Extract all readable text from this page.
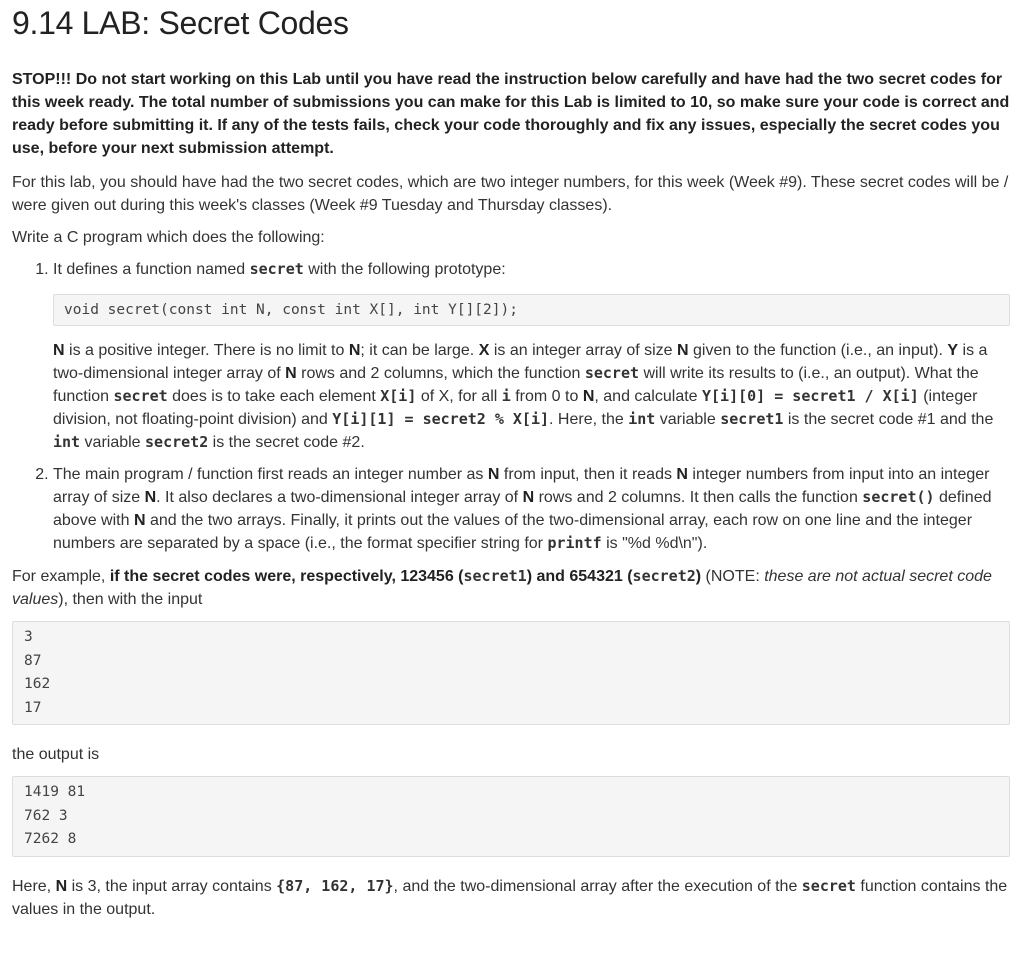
9.14 LAB: Secret Codes

STOP!!! Do not start working on this Lab until you have read the instruction below carefully and have had the two secret codes for this week ready. The total number of submissions you can make for this Lab is limited to 10, so make sure your code is correct and ready before submitting it. If any of the tests fails, check your code thoroughly and fix any issues, especially the secret codes you use, before your next submission attempt.

For this lab, you should have had the two secret codes, which are two integer numbers, for this week (Week #9). These secret codes will be / were given out during this week's classes (Week #9 Tuesday and Thursday classes).

Write a C program which does the following:

1. It defines a function named secret with the following prototype:

void secret(const int N, const int X[], int Y[][2]);

N is a positive integer. There is no limit to N; it can be large. X is an integer array of size N given to the function (i.e., an input). Y is a two-dimensional integer array of N rows and 2 columns, which the function secret will write its results to (i.e., an output). What the function secret does is to take each element X[i] of X, for all i from 0 to N, and calculate Y[i][0] = secret1 / X[i] (integer division, not floating-point division) and Y[i][1] = secret2 % X[i]. Here, the int variable secret1 is the secret code #1 and the int variable secret2 is the secret code #2.

2. The main program / function first reads an integer number as N from input, then it reads N integer numbers from input into an integer array of size N. It also declares a two-dimensional integer array of N rows and 2 columns. It then calls the function secret() defined above with N and the two arrays. Finally, it prints out the values of the two-dimensional array, each row on one line and the integer numbers are separated by a space (i.e., the format specifier string for printf is "%d %d\n").

For example, if the secret codes were, respectively, 123456 (secret1) and 654321 (secret2) (NOTE: these are not actual secret code values), then with the input

3
87
162
17

the output is

1419 81
762 3
7262 8

Here, N is 3, the input array contains {87, 162, 17}, and the two-dimensional array after the execution of the secret function contains the values in the output.
